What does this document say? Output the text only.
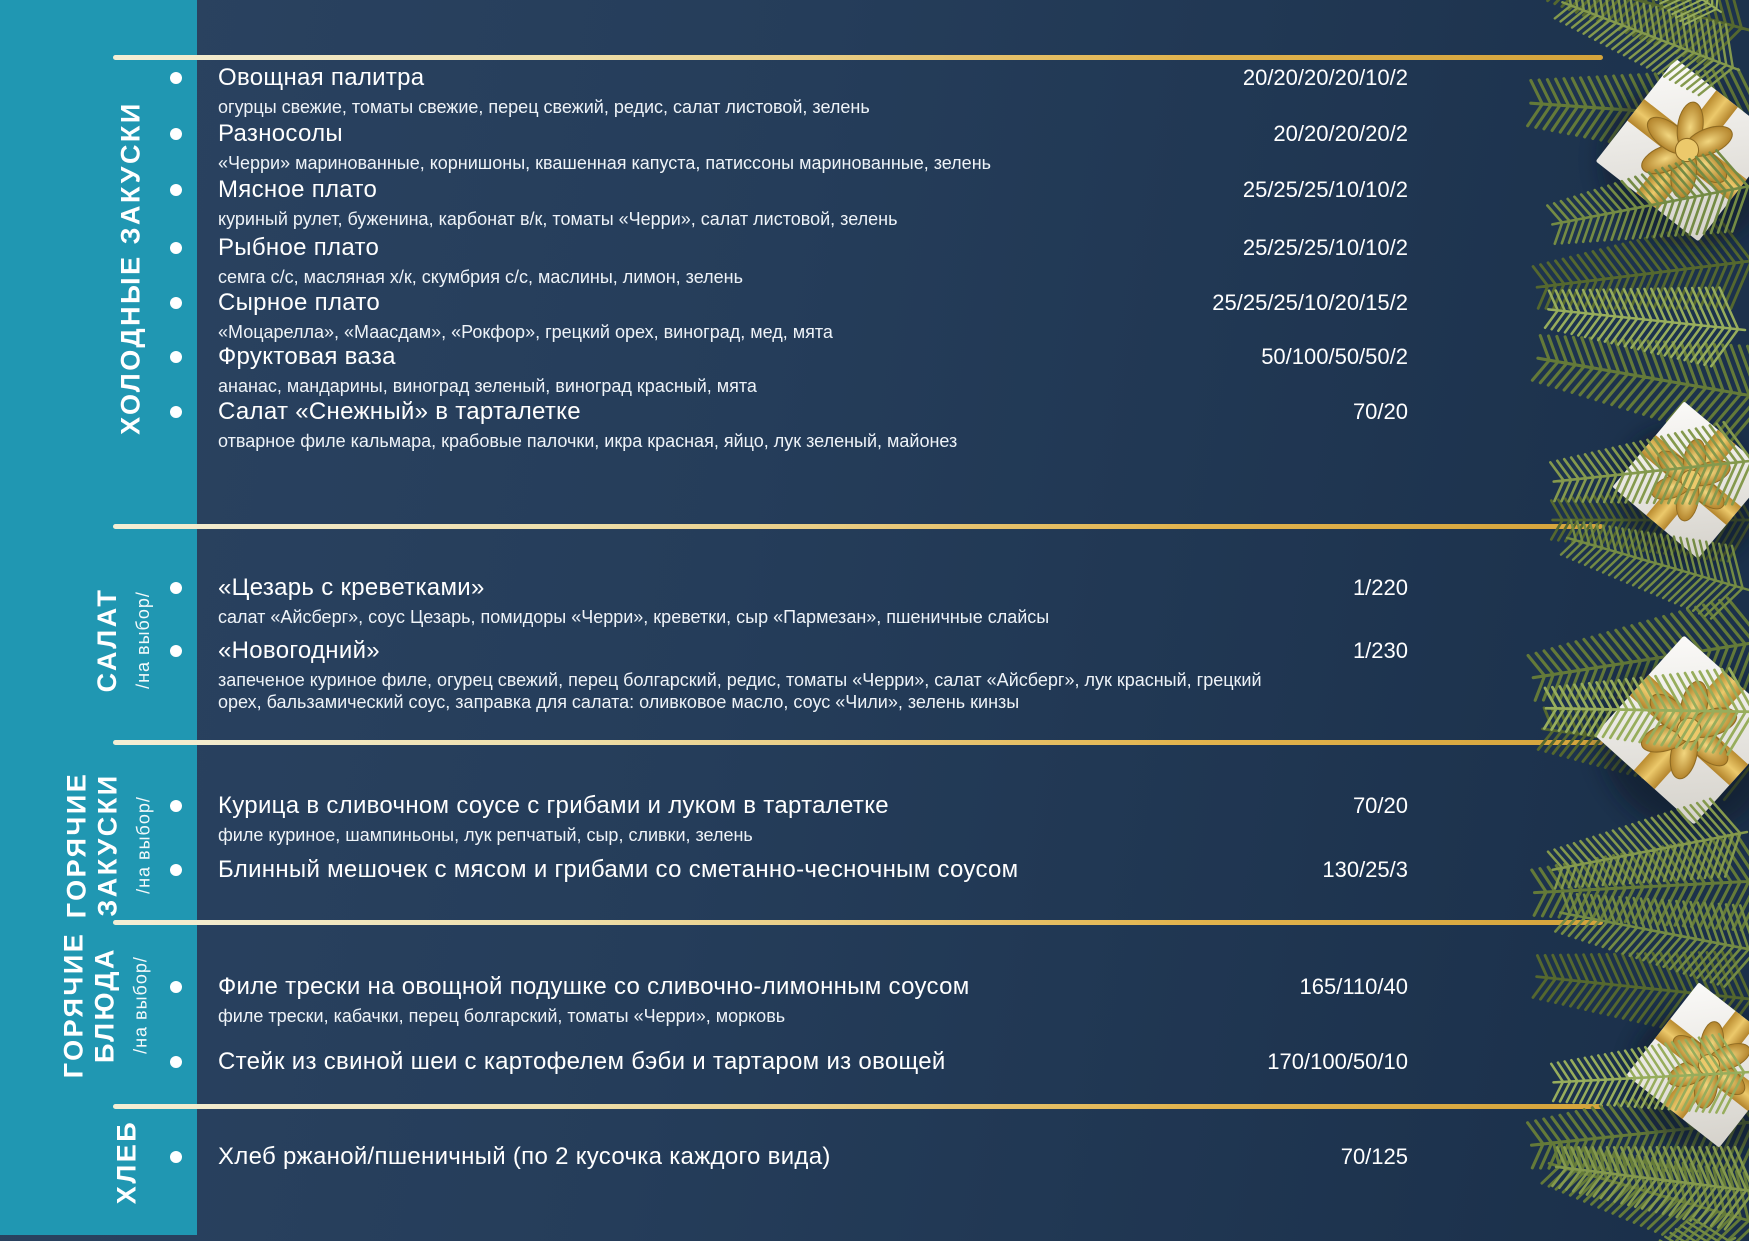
ХОЛОДНЫЕ ЗАКУСКИ
САЛАТ /на выбор/
ГОРЯЧИЕ ЗАКУСКИ /на выбор/
ГОРЯЧИЕ БЛЮДА /на выбор/
ХЛЕБ
Овощная палитра
огурцы свежие, томаты свежие, перец свежий, редис, салат листовой, зелень
20/20/20/20/10/2
Разносолы
«Черри» маринованные, корнишоны, квашенная капуста, патиссоны маринованные, зелень
20/20/20/20/2
Мясное плато
куриный рулет, буженина, карбонат в/к, томаты «Черри», салат листовой, зелень
25/25/25/10/10/2
Рыбное плато
семга с/с, масляная х/к, скумбрия с/с, маслины, лимон, зелень
25/25/25/10/10/2
Сырное плато
«Моцарелла», «Маасдам», «Рокфор», грецкий орех, виноград, мед, мята
25/25/25/10/20/15/2
Фруктовая ваза
ананас, мандарины, виноград зеленый, виноград красный, мята
50/100/50/50/2
Салат «Снежный» в тарталетке
отварное филе кальмара, крабовые палочки, икра красная, яйцо, лук зеленый, майонез
70/20
«Цезарь с креветками»
салат «Айсберг», соус Цезарь, помидоры «Черри», креветки, сыр «Пармезан», пшеничные слайсы
1/220
«Новогодний»
запеченое куриное филе, огурец свежий, перец болгарский, редис, томаты «Черри», салат «Айсберг», лук красный, грецкий орех, бальзамический соус, заправка для салата: оливковое масло, соус «Чили», зелень кинзы
1/230
Курица в сливочном соусе с грибами и луком в тарталетке
филе куриное, шампиньоны, лук репчатый, сыр, сливки, зелень
70/20
Блинный мешочек с мясом и грибами со сметанно-чесночным соусом	130/25/3
Филе трески на овощной подушке со сливочно-лимонным соусом
филе трески, кабачки, перец болгарский, томаты «Черри», морковь
165/110/40
Стейк из свиной шеи с картофелем бэби и тартаром из овощей	170/100/50/10
Хлеб ржаной/пшеничный (по 2 кусочка каждого вида)	70/125
